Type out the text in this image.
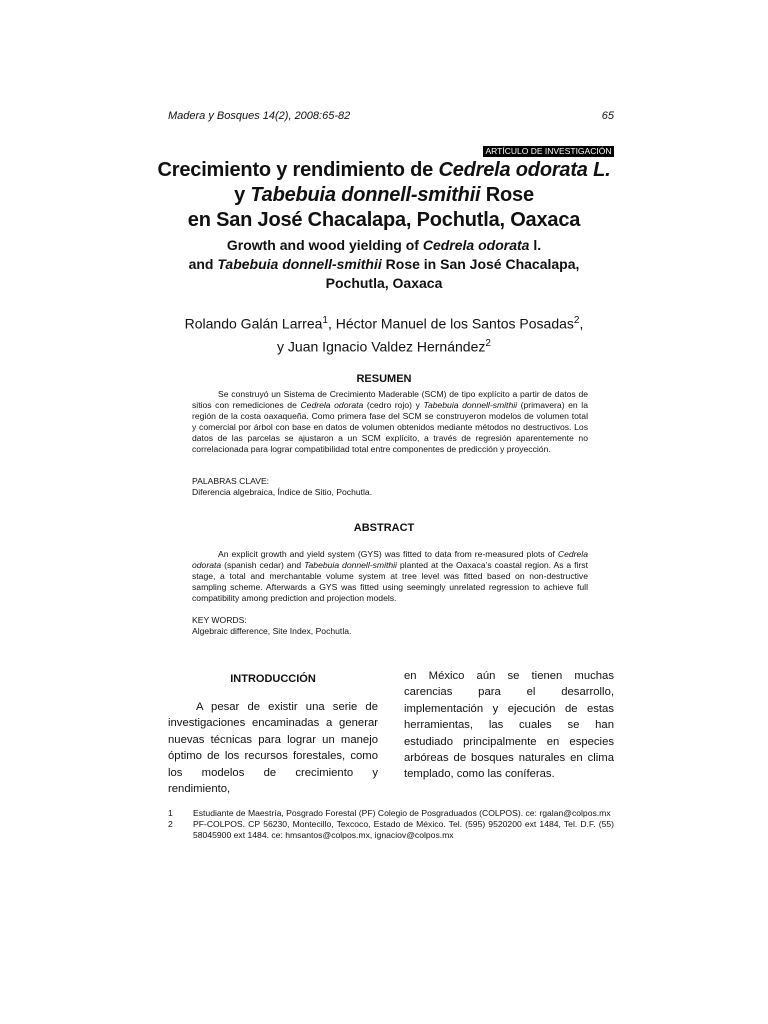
Madera y Bosques 14(2), 2008:65-82	65
ARTÍCULO DE INVESTIGACIÓN
Crecimiento y rendimiento de Cedrela odorata L.
y Tabebuia donnell-smithii Rose
en San José Chacalapa, Pochutla, Oaxaca
Growth and wood yielding of Cedrela odorata l.
and Tabebuia donnell-smithii Rose in San José Chacalapa,
Pochutla, Oaxaca
Rolando Galán Larrea$^1$, Héctor Manuel de los Santos Posadas$^2$,
y Juan Ignacio Valdez Hernández$^2$
RESUMEN
Se construyó un Sistema de Crecimiento Maderable (SCM) de tipo explícito a partir de datos de sitios con remediciones de Cedrela odorata (cedro rojo) y Tabebuia donnell-smithii (primavera) en la región de la costa oaxaqueña. Como primera fase del SCM se construyeron modelos de volumen total y comercial por árbol con base en datos de volumen obtenidos mediante métodos no destructivos. Los datos de las parcelas se ajustaron a un SCM explícito, a través de regresión aparentemente no correlacionada para lograr compatibilidad total entre componentes de predicción y proyección.
PALABRAS CLAVE:
Diferencia algebraica, Índice de Sitio, Pochutla.
ABSTRACT
An explicit growth and yield system (GYS) was fitted to data from re-measured plots of Cedrela odorata (spanish cedar) and Tabebuia donnell-smithii planted at the Oaxaca’s coastal region. As a first stage, a total and merchantable volume system at tree level was fitted based on non-destructive sampling scheme. Afterwards a GYS was fitted using seemingly unrelated regression to achieve full compatibility among prediction and projection models.
KEY WORDS:
Algebraic difference, Site Index, Pochutla.
INTRODUCCIÓN
A pesar de existir una serie de investigaciones encaminadas a generar nuevas técnicas para lograr un manejo óptimo de los recursos forestales, como los modelos de crecimiento y rendimiento,
en México aún se tienen muchas carencias para el desarrollo, implementación y ejecución de estas herramientas, las cuales se han estudiado principalmente en especies arbóreas de bosques naturales en clima templado, como las coníferas.
1	Estudiante de Maestría, Posgrado Forestal (PF) Colegio de Posgraduados (COLPOS). ce: rgalan@colpos.mx
2	PF-COLPOS. CP 56230, Montecillo, Texcoco, Estado de México. Tel. (595) 9520200 ext 1484, Tel. D.F. (55) 58045900 ext 1484. ce: hmsantos@colpos.mx, ignaciov@colpos.mx
